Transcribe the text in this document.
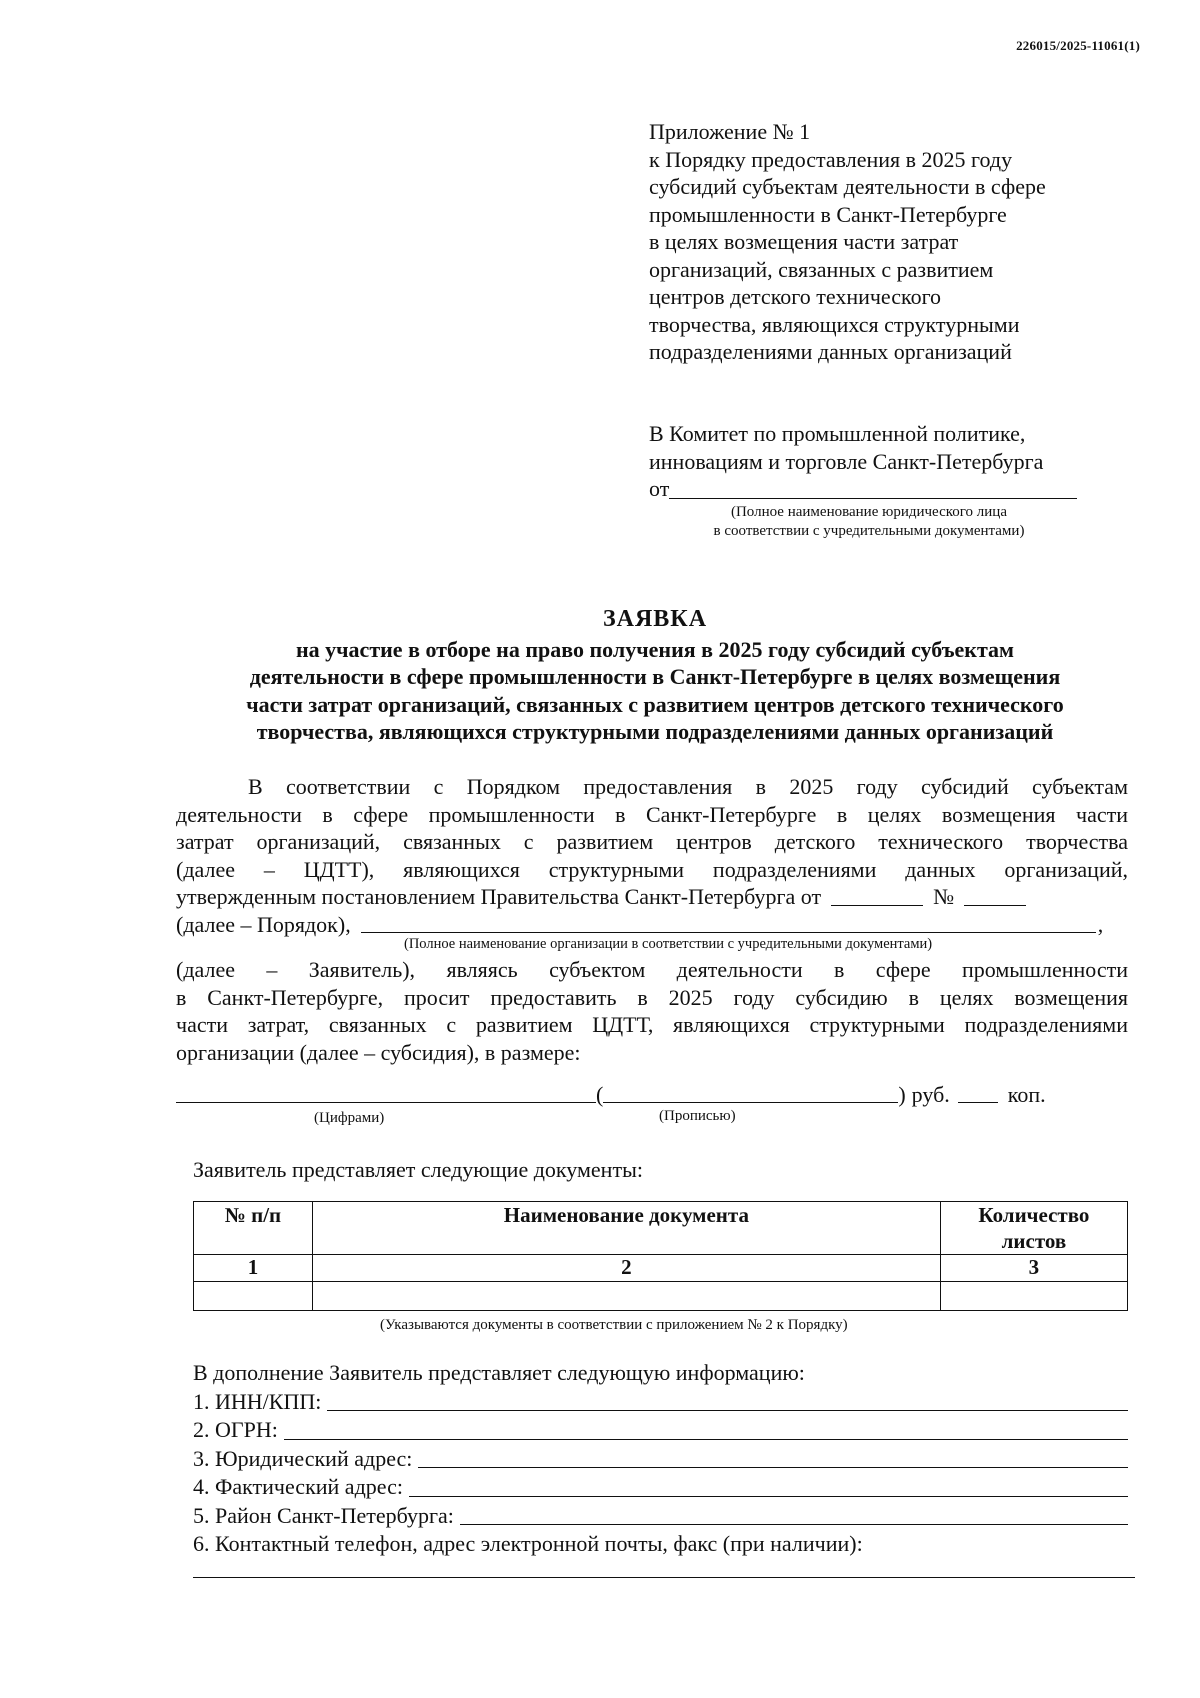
226015/2025-11061(1)
Приложение № 1
к Порядку предоставления в 2025 году
субсидий субъектам деятельности в сфере
промышленности в Санкт-Петербурге
в целях возмещения части затрат
организаций, связанных с развитием
центров детского технического
творчества, являющихся структурными
подразделениями данных организаций
В Комитет по промышленной политике,
инновациям и торговле Санкт-Петербурга
от
(Полное наименование юридического лица
в соответствии с учредительными документами)
ЗАЯВКА
на участие в отборе на право получения в 2025 году субсидий субъектам
деятельности в сфере промышленности в Санкт-Петербурге в целях возмещения
части затрат организаций, связанных с развитием центров детского технического
творчества, являющихся структурными подразделениями данных организаций
В соответствии с Порядком предоставления в 2025 году субсидий субъектам
деятельности в сфере промышленности в Санкт-Петербурге в целях возмещения части
затрат организаций, связанных с развитием центров детского технического творчества
(далее – ЦДТТ), являющихся структурными подразделениями данных организаций,
утвержденным постановлением Правительства Санкт-Петербурга от	№
(далее – Порядок),	,
(Полное наименование организации в соответствии с учредительными документами)
(далее – Заявитель), являясь субъектом деятельности в сфере промышленности
в Санкт-Петербурге, просит предоставить в 2025 году субсидию в целях возмещения
части затрат, связанных с развитием ЦДТТ, являющихся структурными подразделениями
организации (далее – субсидия), в размере:
(	) руб.	коп.
(Цифрами)	(Прописью)
Заявитель представляет следующие документы:
№ п/п	Наименование документа	Количество листов
1	2	3

(Указываются документы в соответствии с приложением № 2 к Порядку)
В дополнение Заявитель представляет следующую информацию:
1. ИНН/КПП:
2. ОГРН:
3. Юридический адрес:
4. Фактический адрес:
5. Район Санкт-Петербурга:
6. Контактный телефон, адрес электронной почты, факс (при наличии):
